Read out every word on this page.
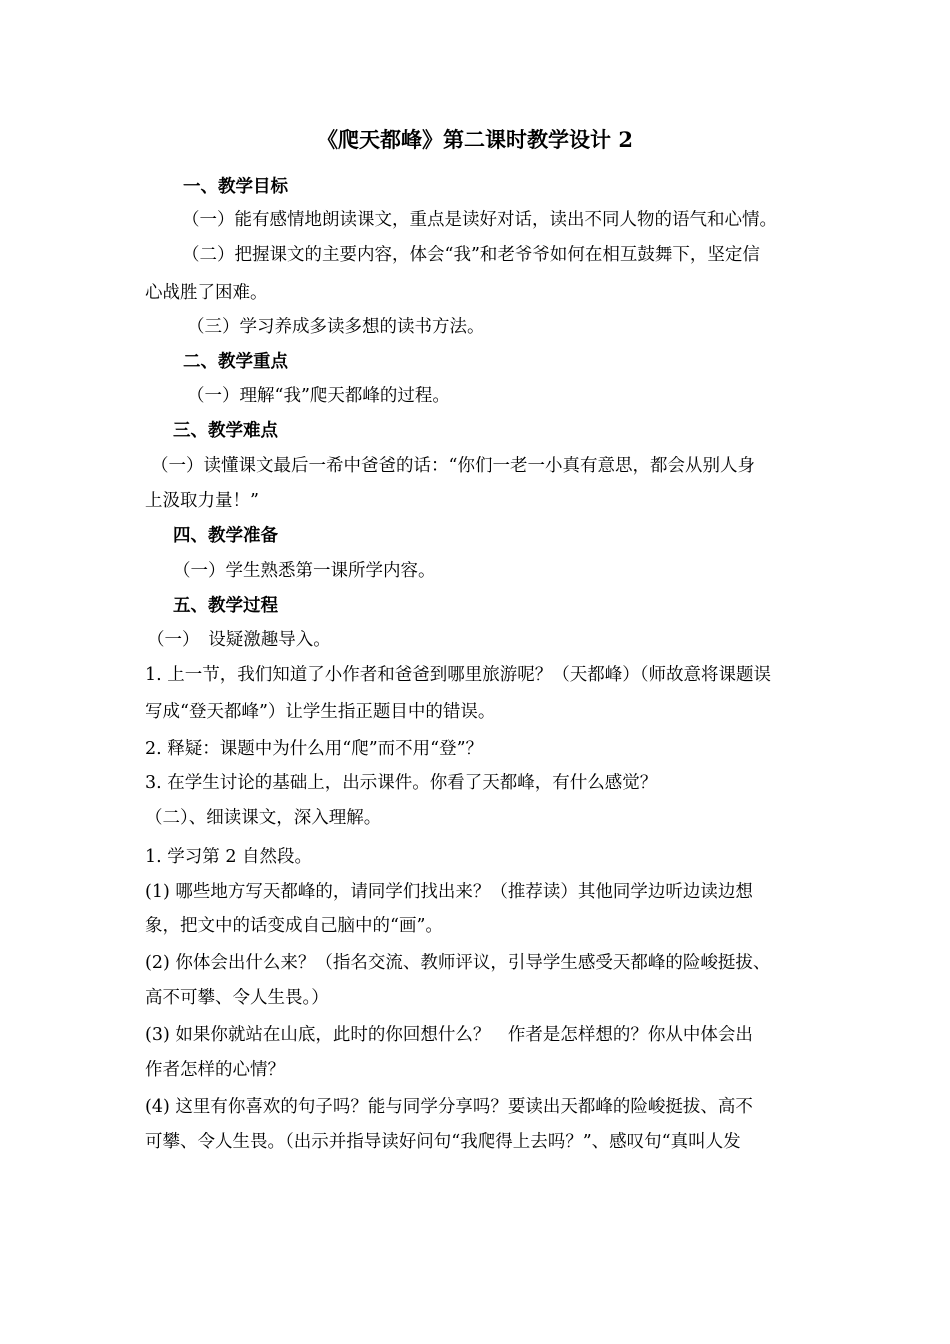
《爬天都峰》第二课时教学设计 2
一、教学目标
（一）能有感情地朗读课文，重点是读好对话，读出不同人物的语气和心情。
（二）把握课文的主要内容，体会“我”和老爷爷如何在相互鼓舞下，坚定信
心战胜了困难。
（三）学习养成多读多想的读书方法。
二、教学重点
（一）理解“我”爬天都峰的过程。
三、教学难点
（一）读懂课文最后一希中爸爸的话：“你们一老一小真有意思，都会从别人身
上汲取力量！”
四、教学准备
（一）学生熟悉第一课所学内容。
五、教学过程
（一）　设疑激趣导入。
1. 上一节，我们知道了小作者和爸爸到哪里旅游呢？（天都峰）（师故意将课题误
写成“登天都峰”）让学生指正题目中的错误。
2. 释疑：课题中为什么用“爬”而不用“登”？
3. 在学生讨论的基础上，出示课件。你看了天都峰，有什么感觉？
（二）、细读课文，深入理解。
1. 学习第 2 自然段。
(1) 哪些地方写天都峰的，请同学们找出来？（推荐读）其他同学边听边读边想
象，把文中的话变成自己脑中的“画”。
(2) 你体会出什么来？（指名交流、教师评议，引导学生感受天都峰的险峻挺拔、
高不可攀、令人生畏。）
(3) 如果你就站在山底，此时的你回想什么？　作者是怎样想的？你从中体会出
作者怎样的心情？
(4) 这里有你喜欢的句子吗？能与同学分享吗？要读出天都峰的险峻挺拔、高不
可攀、令人生畏。（出示并指导读好问句“我爬得上去吗？”、感叹句“真叫人发
